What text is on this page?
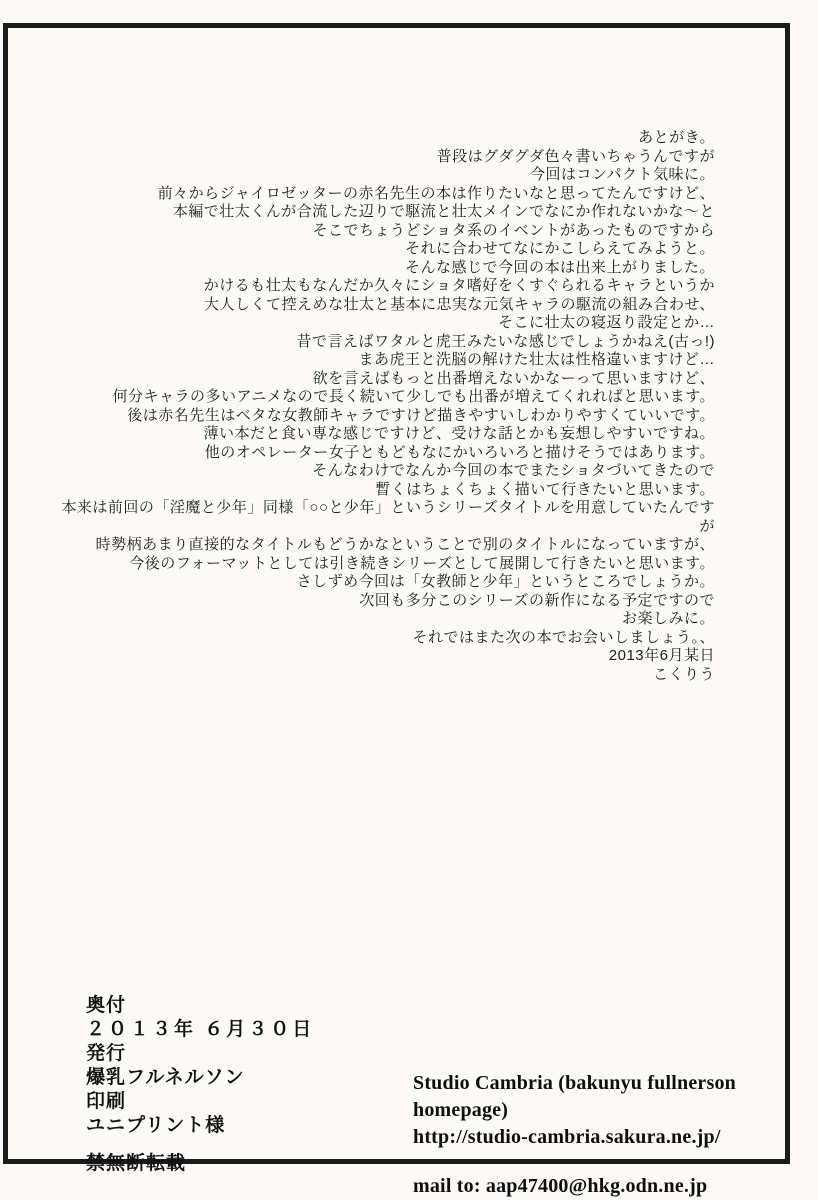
あとがき。

普段はグダグダ色々書いちゃうんですが
今回はコンパクト気味に。
前々からジャイロゼッターの赤名先生の本は作りたいなと思ってたんですけど、
本編で壮太くんが合流した辺りで駆流と壮太メインでなにか作れないかな〜と
そこでちょうどショタ系のイベントがあったものですから
それに合わせてなにかこしらえてみようと。
そんな感じで今回の本は出来上がりました。
かけるも壮太もなんだか久々にショタ嗜好をくすぐられるキャラというか
大人しくて控えめな壮太と基本に忠実な元気キャラの駆流の組み合わせ、
そこに壮太の寝返り設定とか…
昔で言えばワタルと虎王みたいな感じでしょうかねえ(古っ!)
まあ虎王と洗脳の解けた壮太は性格違いますけど…
欲を言えばもっと出番増えないかなーって思いますけど、
何分キャラの多いアニメなので長く続いて少しでも出番が増えてくれればと思います。
後は赤名先生はベタな女教師キャラですけど描きやすいしわかりやすくていいです。
薄い本だと食い専な感じですけど、受けな話とかも妄想しやすいですね。
他のオペレーター女子ともどもなにかいろいろと描けそうではあります。
そんなわけでなんか今回の本でまたショタづいてきたので
暫くはちょくちょく描いて行きたいと思います。
本来は前回の「淫魔と少年」同様「○○と少年」というシリーズタイトルを用意していたんですが
時勢柄あまり直接的なタイトルもどうかなということで別のタイトルになっていますが、
今後のフォーマットとしては引き続きシリーズとして展開して行きたいと思います。
さしずめ今回は「女教師と少年」というところでしょうか。
次回も多分このシリーズの新作になる予定ですので
お楽しみに。

それではまた次の本でお会いしましょう。、

2013年6月某日

こくりう

奥付
２０１３年 ６月３０日
発行
爆乳フルネルソン
印刷
ユニプリント様
禁無断転載
Studio Cambria (bakunyu fullnerson homepage)
http://studio-cambria.sakura.ne.jp/
mail to: aap47400@hkg.odn.ne.jp
